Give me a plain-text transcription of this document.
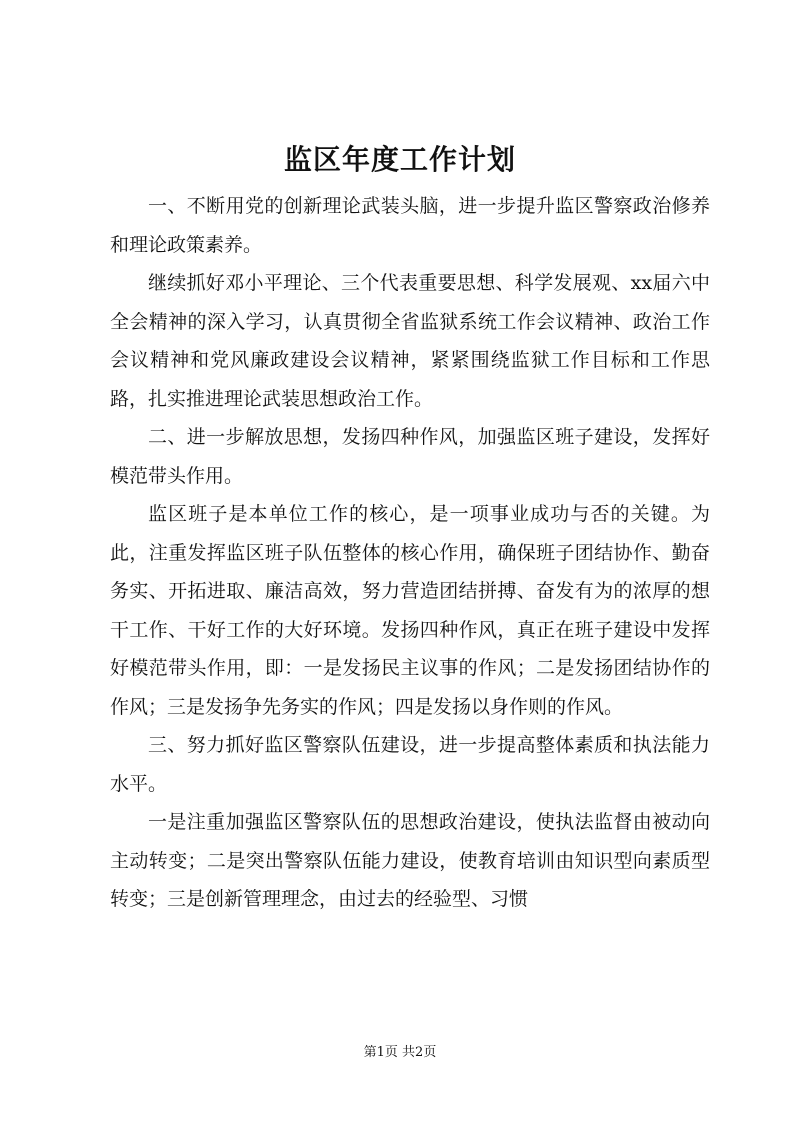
监区年度工作计划

一、不断用党的创新理论武装头脑，进一步提升监区警察政治修养和理论政策素养。

继续抓好邓小平理论、三个代表重要思想、科学发展观、xx届六中全会精神的深入学习，认真贯彻全省监狱系统工作会议精神、政治工作会议精神和党风廉政建设会议精神，紧紧围绕监狱工作目标和工作思路，扎实推进理论武装思想政治工作。

二、进一步解放思想，发扬四种作风，加强监区班子建设，发挥好模范带头作用。

监区班子是本单位工作的核心，是一项事业成功与否的关键。为此，注重发挥监区班子队伍整体的核心作用，确保班子团结协作、勤奋务实、开拓进取、廉洁高效，努力营造团结拼搏、奋发有为的浓厚的想干工作、干好工作的大好环境。发扬四种作风，真正在班子建设中发挥好模范带头作用，即：一是发扬民主议事的作风；二是发扬团结协作的作风；三是发扬争先务实的作风；四是发扬以身作则的作风。

三、努力抓好监区警察队伍建设，进一步提高整体素质和执法能力水平。

一是注重加强监区警察队伍的思想政治建设，使执法监督由被动向主动转变；二是突出警察队伍能力建设，使教育培训由知识型向素质型转变；三是创新管理理念，由过去的经验型、习惯

第1页 共2页
